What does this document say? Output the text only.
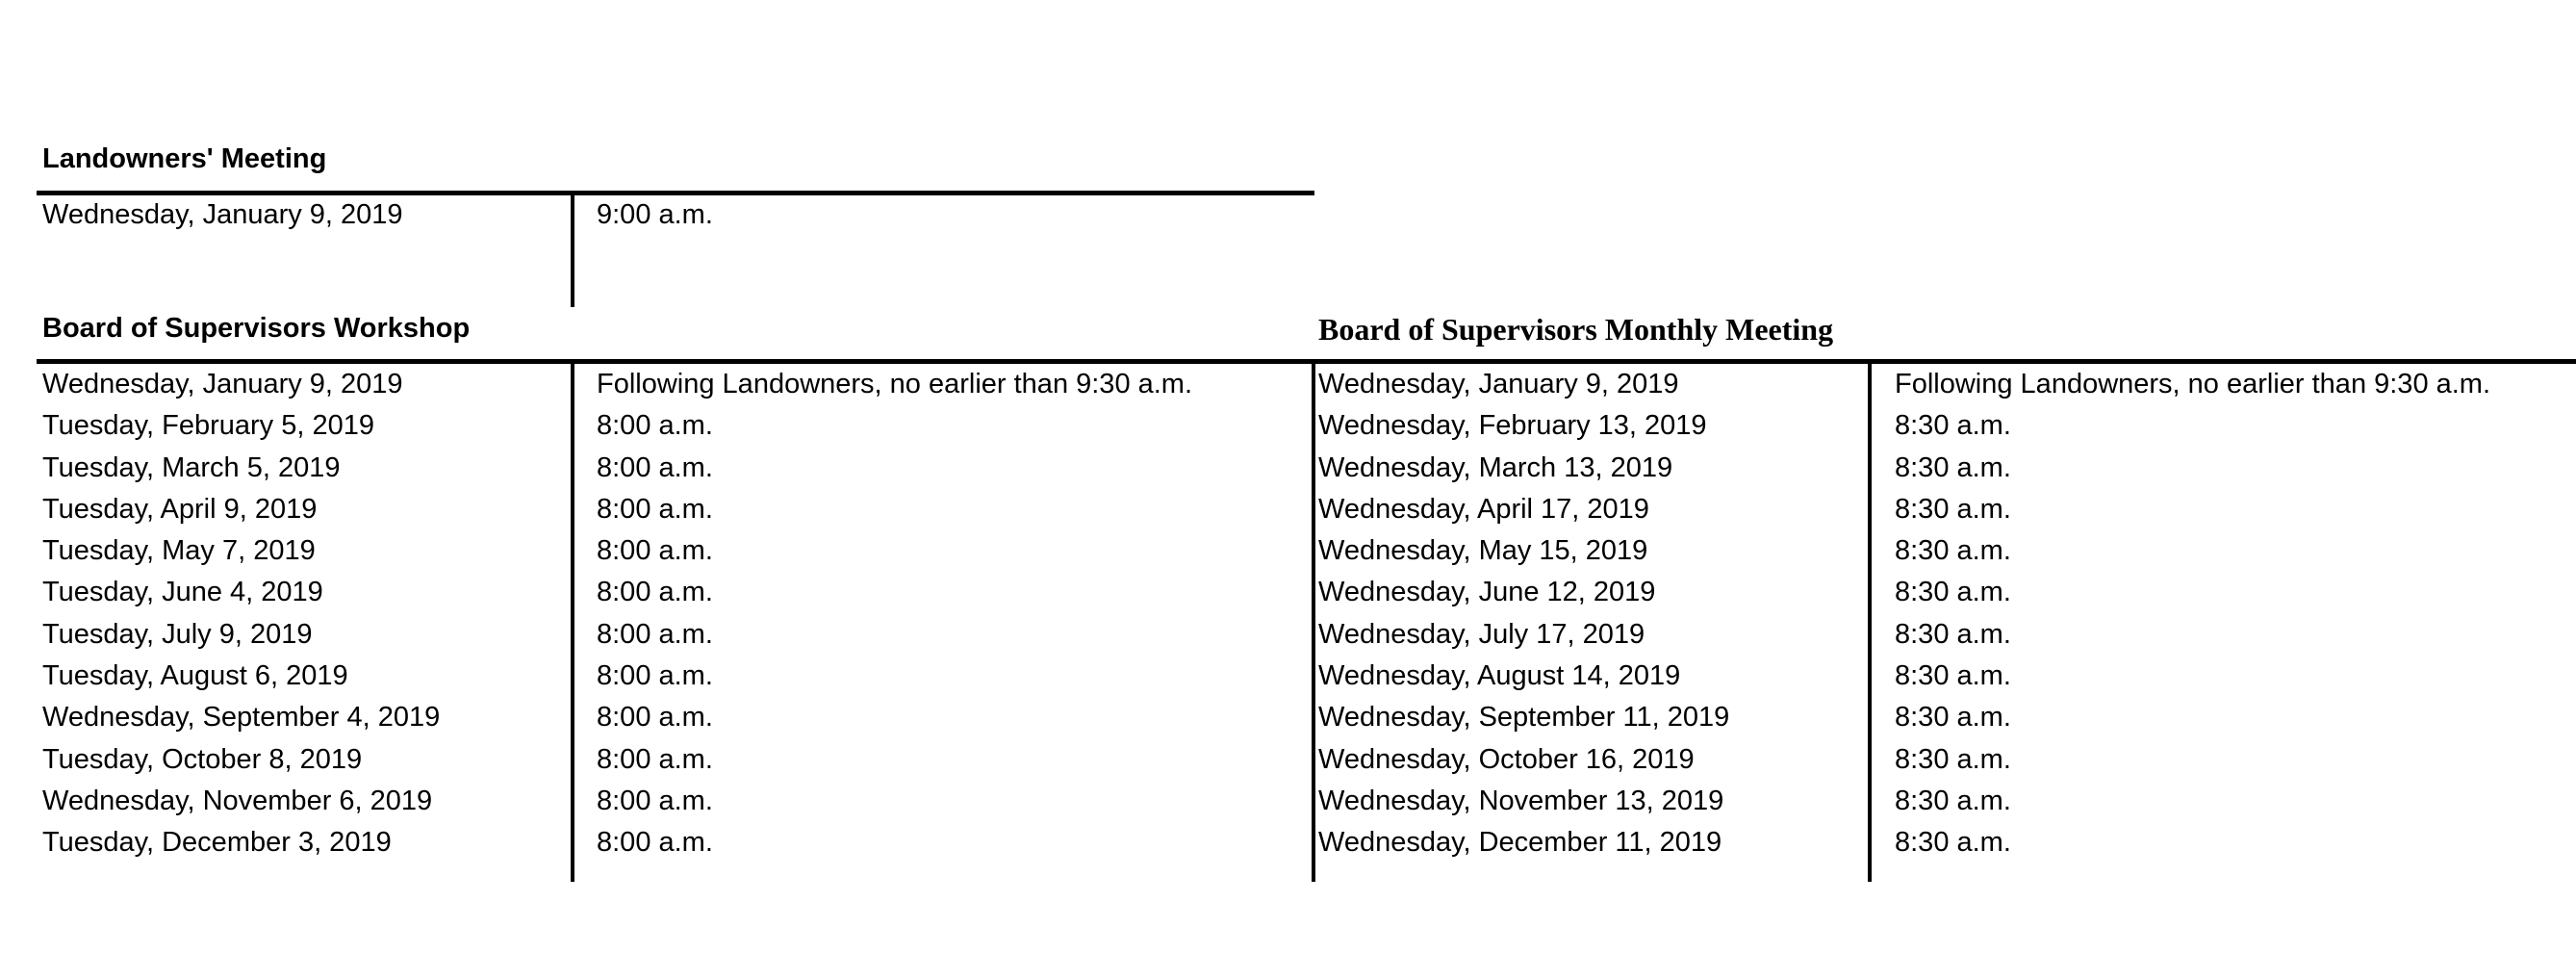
Landowners' Meeting
Wednesday, January 9, 2019	9:00 a.m.
Board of Supervisors Workshop	Board of Supervisors Monthly Meeting
Wednesday, January 9, 2019
Tuesday, February 5, 2019
Tuesday, March 5, 2019
Tuesday, April 9, 2019
Tuesday, May 7, 2019
Tuesday, June 4, 2019
Tuesday, July 9, 2019
Tuesday, August 6, 2019
Wednesday, September 4, 2019
Tuesday, October 8, 2019
Wednesday, November 6, 2019
Tuesday, December 3, 2019
Following Landowners, no earlier than 9:30 a.m.
8:00 a.m.
8:00 a.m.
8:00 a.m.
8:00 a.m.
8:00 a.m.
8:00 a.m.
8:00 a.m.
8:00 a.m.
8:00 a.m.
8:00 a.m.
8:00 a.m.
Wednesday, January 9, 2019
Wednesday, February 13, 2019
Wednesday, March 13, 2019
Wednesday, April 17, 2019
Wednesday, May 15, 2019
Wednesday, June 12, 2019
Wednesday, July 17, 2019
Wednesday, August 14, 2019
Wednesday, September 11, 2019
Wednesday, October 16, 2019
Wednesday, November 13, 2019
Wednesday, December 11, 2019
Following Landowners, no earlier than 9:30 a.m.
8:30 a.m.
8:30 a.m.
8:30 a.m.
8:30 a.m.
8:30 a.m.
8:30 a.m.
8:30 a.m.
8:30 a.m.
8:30 a.m.
8:30 a.m.
8:30 a.m.
